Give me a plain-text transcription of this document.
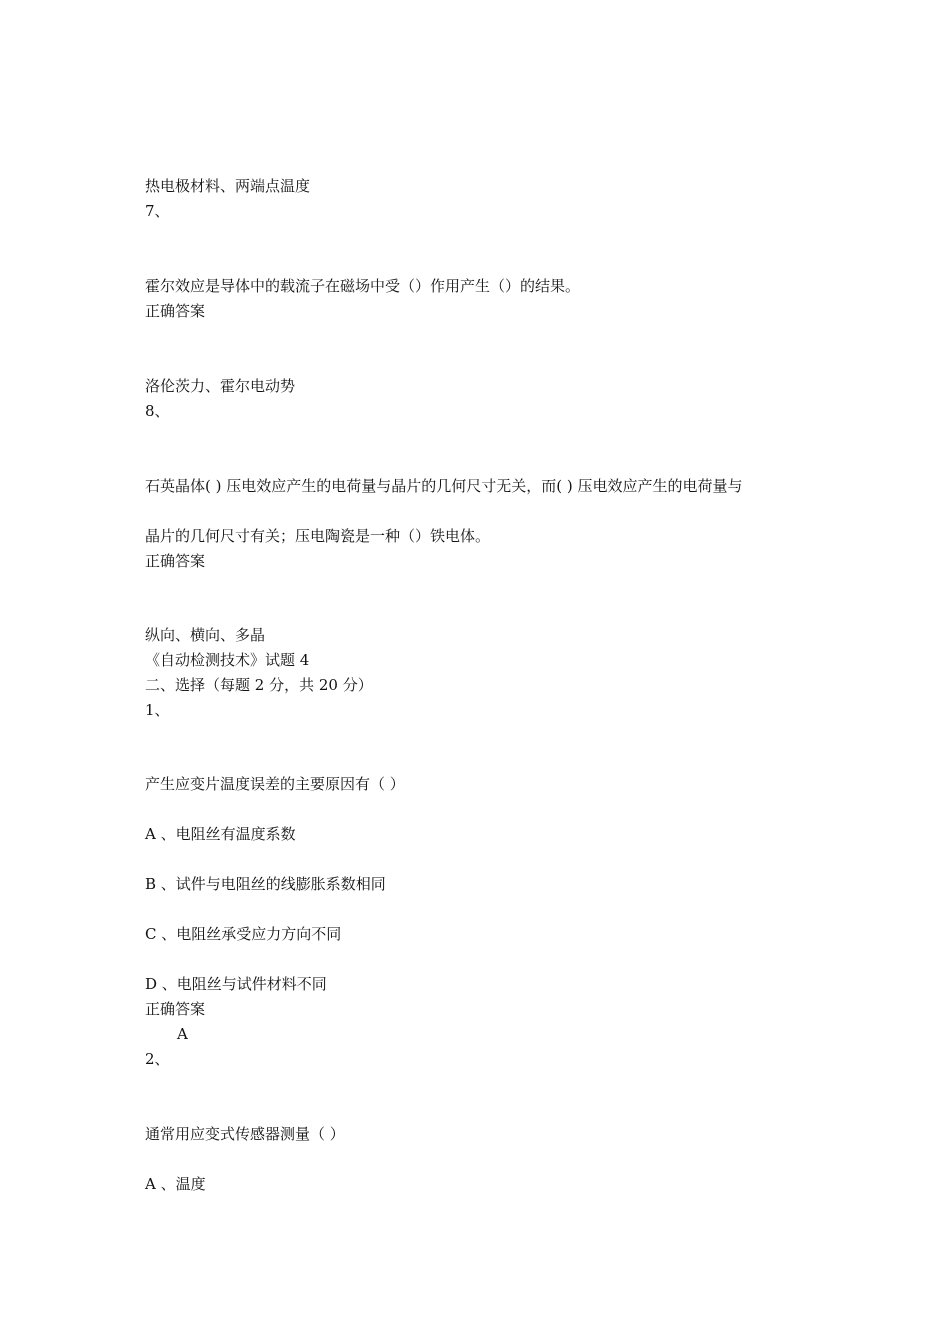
热电极材料、两端点温度
7、
霍尔效应是导体中的载流子在磁场中受（）作用产生（）的结果。
正确答案
洛伦茨力、霍尔电动势
8、
石英晶体( ) 压电效应产生的电荷量与晶片的几何尺寸无关，而( ) 压电效应产生的电荷量与
晶片的几何尺寸有关；压电陶瓷是一种（）铁电体。
正确答案
纵向、横向、多晶
《自动检测技术》试题 4
二、选择（每题 2 分，共 20 分）
1、
产生应变片温度误差的主要原因有（ ）
A 、电阻丝有温度系数
B 、试件与电阻丝的线膨胀系数相同
C 、电阻丝承受应力方向不同
D 、电阻丝与试件材料不同
正确答案
A
2、
通常用应变式传感器测量（ ）
A 、温度
